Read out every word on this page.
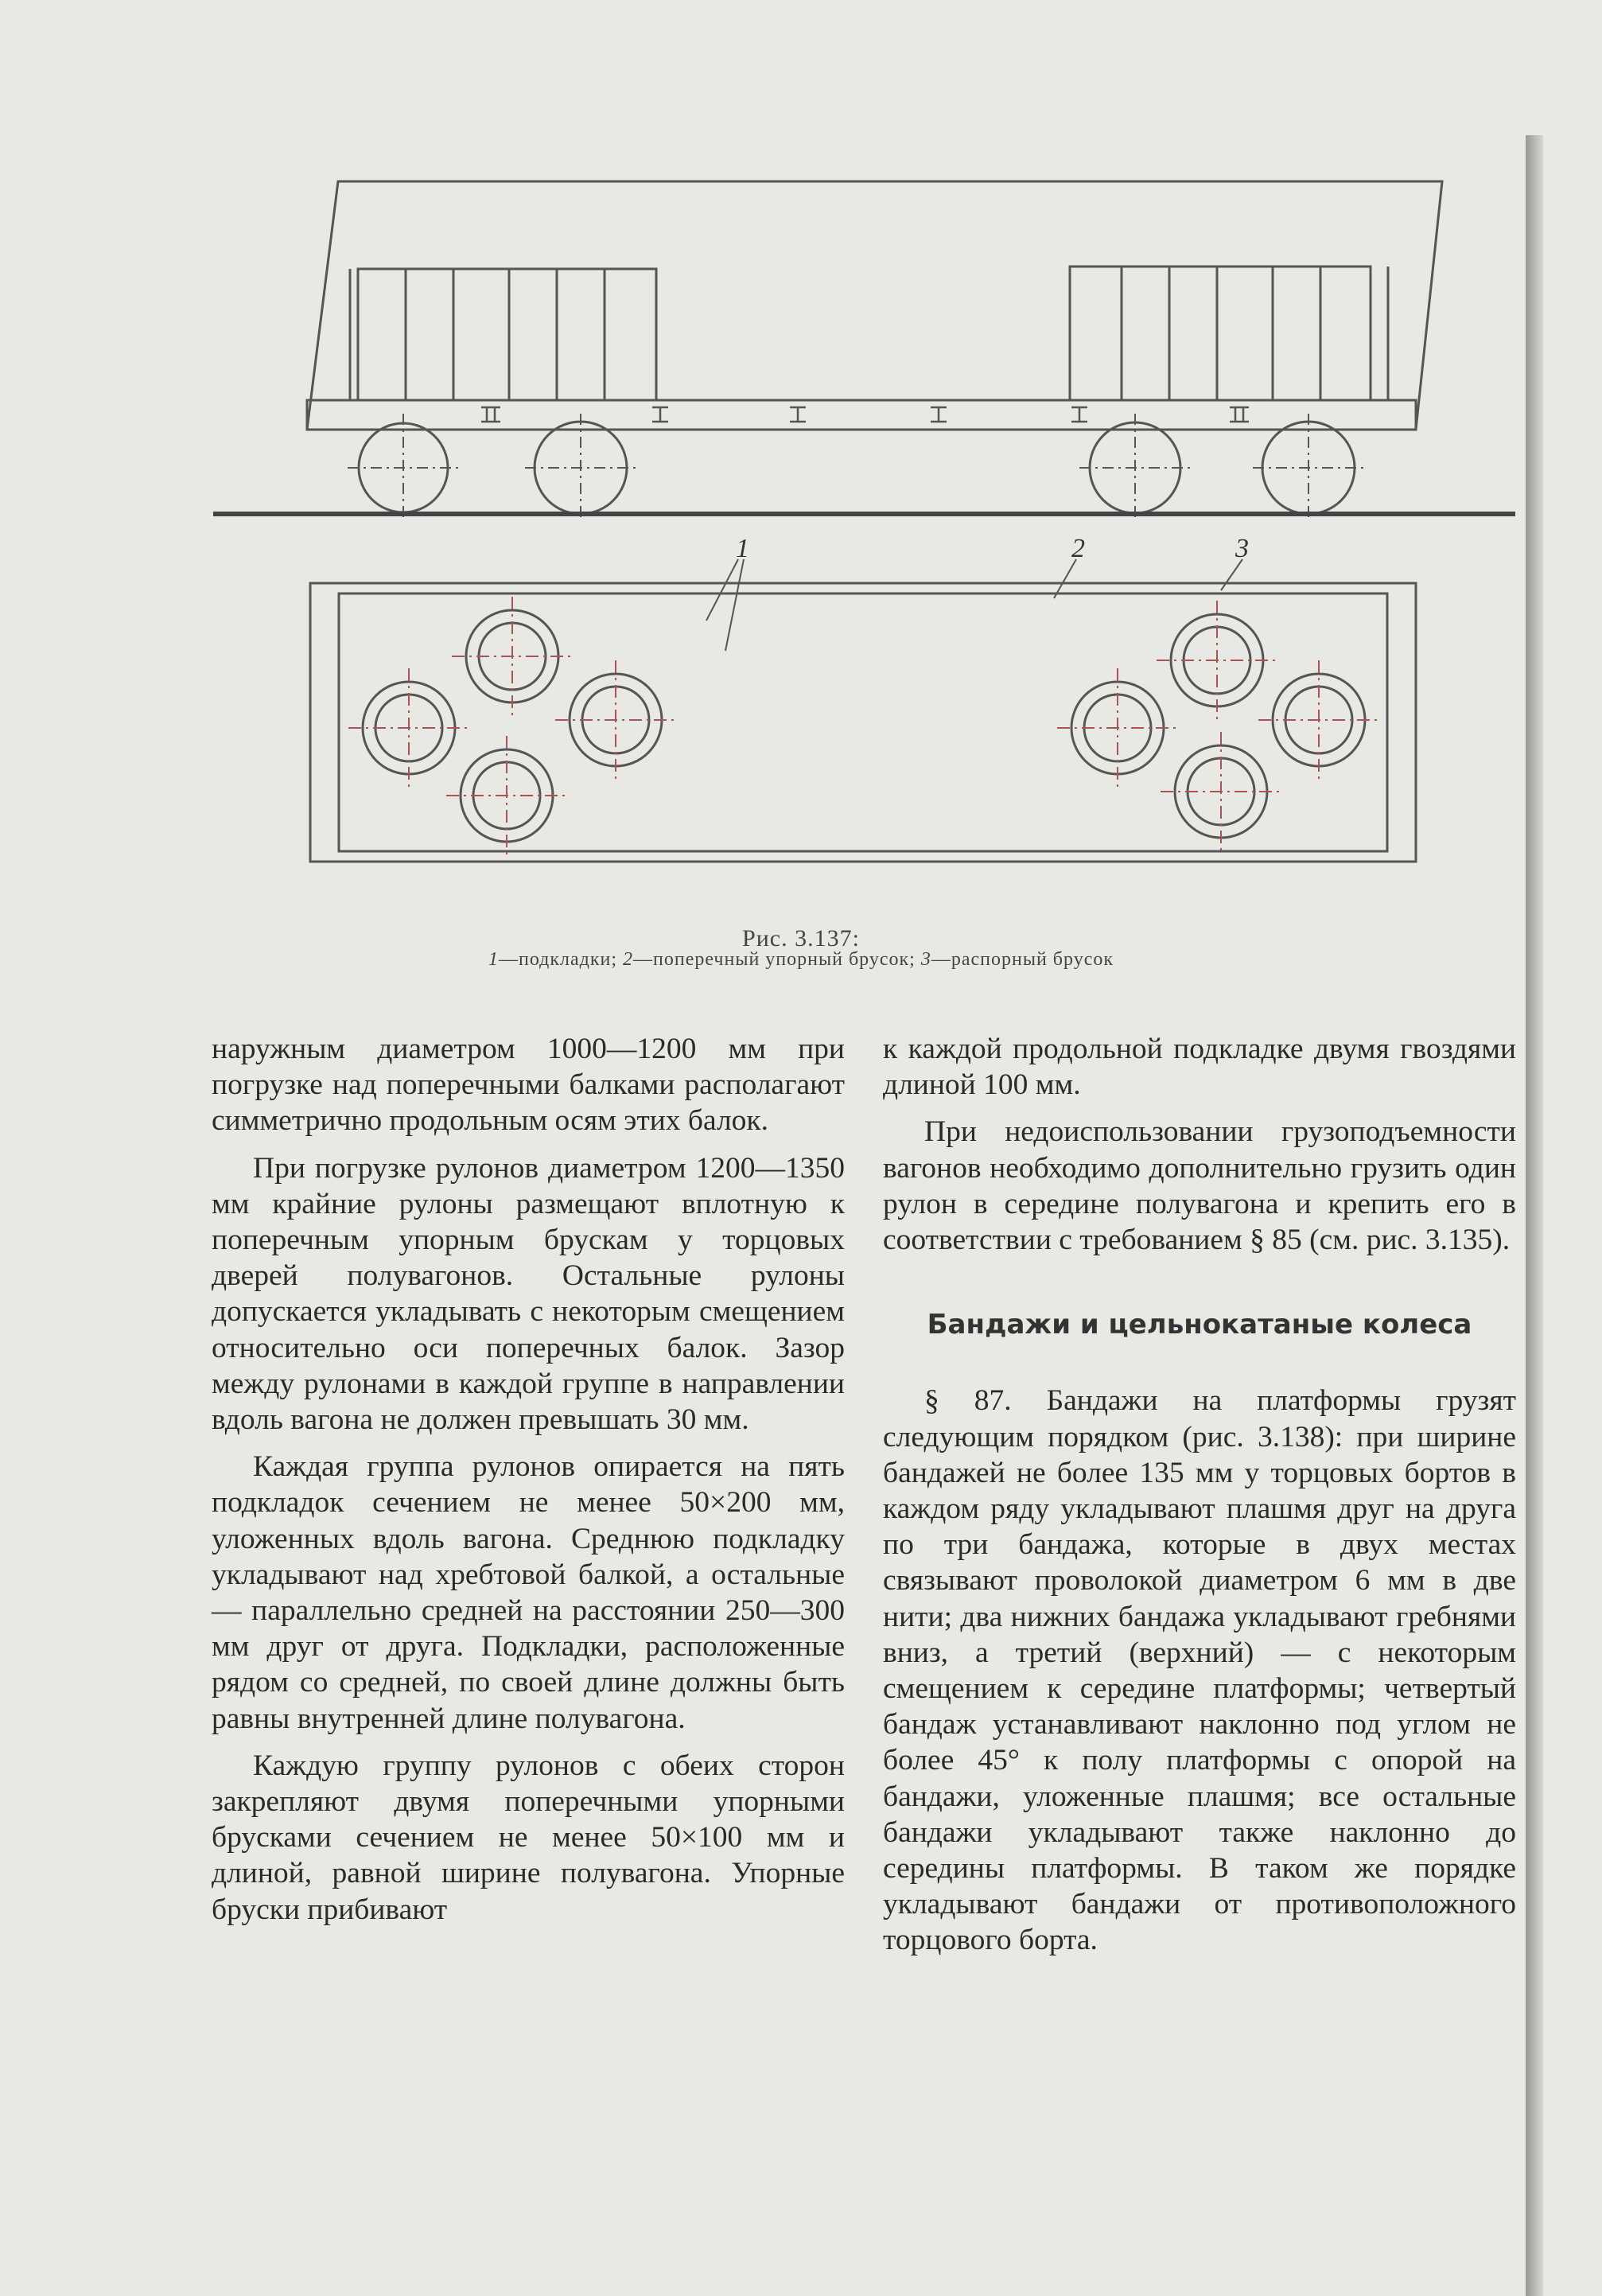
1	2	3
Рис. 3.137:
1—подкладки; 2—поперечный упорный брусок; 3—распорный брусок

наружным диаметром 1000—1200 мм при погрузке над поперечными балками располагают симметрично продольным осям этих балок.

При погрузке рулонов диаметром 1200—1350 мм крайние рулоны размещают вплотную к поперечным упорным брускам у торцовых дверей полувагонов. Остальные рулоны допускается укладывать с некоторым смещением относительно оси поперечных балок. Зазор между рулонами в каждой группе в направлении вдоль вагона не должен превышать 30 мм.

Каждая группа рулонов опирается на пять подкладок сечением не менее 50×200 мм, уложенных вдоль вагона. Среднюю подкладку укладывают над хребтовой балкой, а остальные — параллельно средней на расстоянии 250—300 мм друг от друга. Подкладки, расположенные рядом со средней, по своей длине должны быть равны внутренней длине полувагона.

Каждую группу рулонов с обеих сторон закрепляют двумя поперечными упорными брусками сечением не менее 50×100 мм и длиной, равной ширине полувагона. Упорные бруски прибивают

к каждой продольной подкладке двумя гвоздями длиной 100 мм.

При недоиспользовании грузоподъемности вагонов необходимо дополнительно грузить один рулон в середине полувагона и крепить его в соответствии с требованием § 85 (см. рис. 3.135).

Бандажи и цельнокатаные колеса

§ 87. Бандажи на платформы грузят следующим порядком (рис. 3.138): при ширине бандажей не более 135 мм у торцовых бортов в каждом ряду укладывают плашмя друг на друга по три бандажа, которые в двух местах связывают проволокой диаметром 6 мм в две нити; два нижних бандажа укладывают гребнями вниз, а третий (верхний) — с некоторым смещением к середине платформы; четвертый бандаж устанавливают наклонно под углом не более 45° к полу платформы с опорой на бандажи, уложенные плашмя; все остальные бандажи укладывают также наклонно до середины платформы. В таком же порядке укладывают бандажи от противоположного торцового борта.
